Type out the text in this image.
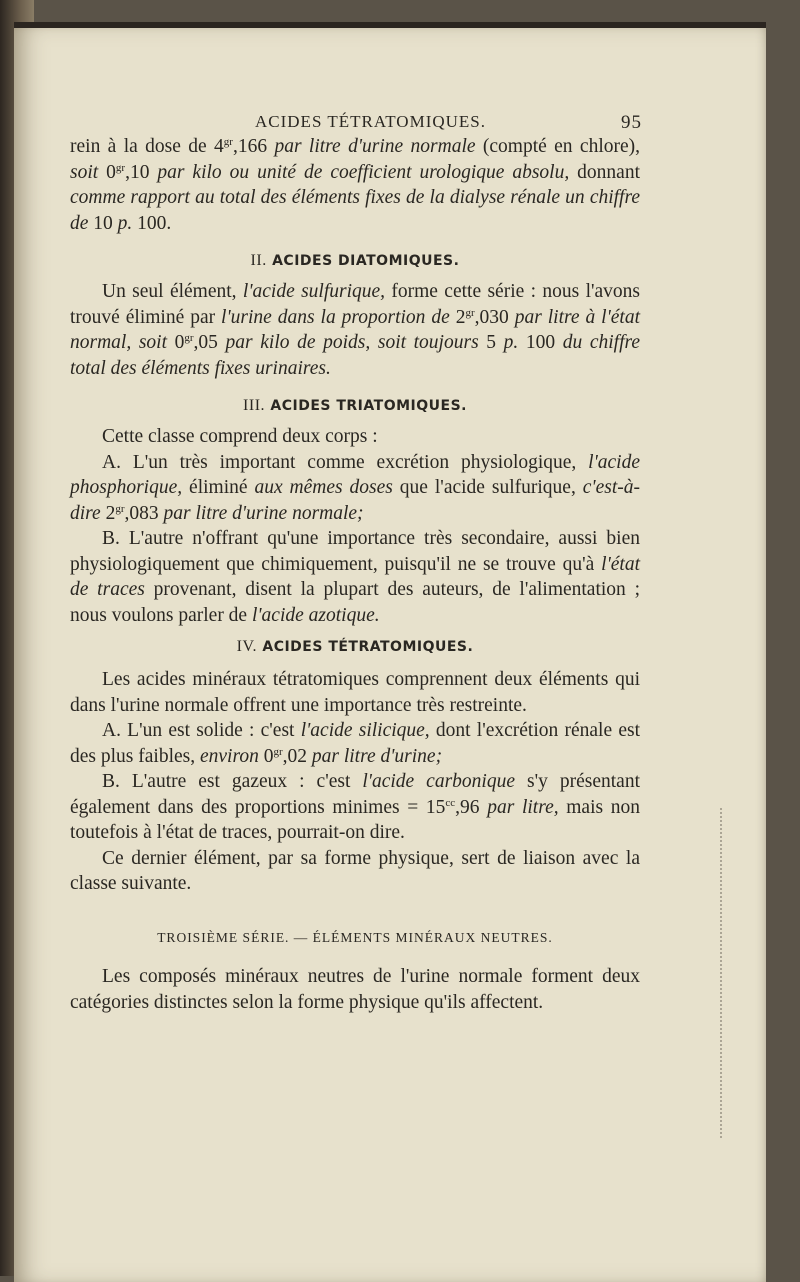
ACIDES TÉTRATOMIQUES.	95

rein à la dose de $4^{gr},166$ par litre d'urine normale (compté en chlore), soit $0^{gr},10$ par kilo ou unité de coefficient urologique absolu, donnant comme rapport au total des éléments fixes de la dialyse rénale un chiffre de 10 p. 100.

II. ACIDES DIATOMIQUES.

Un seul élément, l'acide sulfurique, forme cette série : nous l'avons trouvé éliminé par l'urine dans la proportion de $2^{gr},030$ par litre à l'état normal, soit $0^{gr},05$ par kilo de poids, soit toujours 5 p. 100 du chiffre total des éléments fixes urinaires.

III. ACIDES TRIATOMIQUES.

Cette classe comprend deux corps :

A. L'un très important comme excrétion physiologique, l'acide phosphorique, éliminé aux mêmes doses que l'acide sulfurique, c'est-à-dire $2^{gr},083$ par litre d'urine normale;

B. L'autre n'offrant qu'une importance très secondaire, aussi bien physiologiquement que chimiquement, puisqu'il ne se trouve qu'à l'état de traces provenant, disent la plupart des auteurs, de l'alimentation ; nous voulons parler de l'acide azotique.

IV. ACIDES TÉTRATOMIQUES.

Les acides minéraux tétratomiques comprennent deux éléments qui dans l'urine normale offrent une importance très restreinte.

A. L'un est solide : c'est l'acide silicique, dont l'excrétion rénale est des plus faibles, environ $0^{gr},02$ par litre d'urine;

B. L'autre est gazeux : c'est l'acide carbonique s'y présentant également dans des proportions minimes = $15^{cc},96$ par litre, mais non toutefois à l'état de traces, pourrait-on dire.

Ce dernier élément, par sa forme physique, sert de liaison avec la classe suivante.

TROISIÈME SÉRIE. — ÉLÉMENTS MINÉRAUX NEUTRES.

Les composés minéraux neutres de l'urine normale forment deux catégories distinctes selon la forme physique qu'ils affectent.
